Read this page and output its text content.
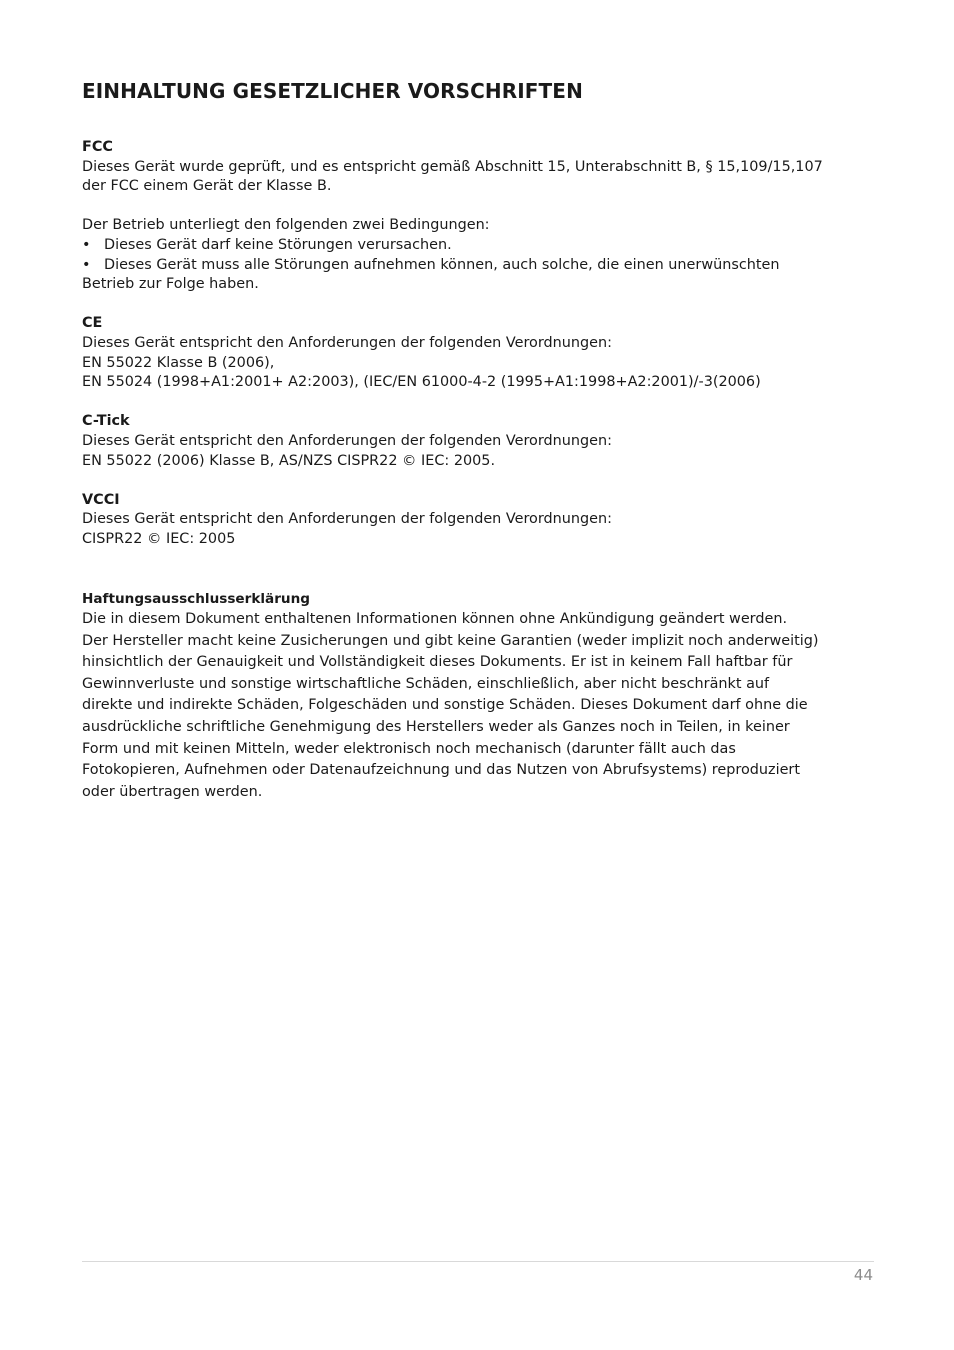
EINHALTUNG GESETZLICHER VORSCHRIFTEN
FCC
Dieses Gerät wurde geprüft, und es entspricht gemäß Abschnitt 15, Unterabschnitt B, § 15,109/15,107
der FCC einem Gerät der Klasse B.
Der Betrieb unterliegt den folgenden zwei Bedingungen:
• Dieses Gerät darf keine Störungen verursachen.
• Dieses Gerät muss alle Störungen aufnehmen können, auch solche, die einen unerwünschten
Betrieb zur Folge haben.
CE
Dieses Gerät entspricht den Anforderungen der folgenden Verordnungen:
EN 55022 Klasse B (2006),
EN 55024 (1998+A1:2001+ A2:2003), (IEC/EN 61000-4-2 (1995+A1:1998+A2:2001)/-3(2006)
C-Tick
Dieses Gerät entspricht den Anforderungen der folgenden Verordnungen:
EN 55022 (2006) Klasse B, AS/NZS CISPR22 © IEC: 2005.
VCCI
Dieses Gerät entspricht den Anforderungen der folgenden Verordnungen:
CISPR22 © IEC: 2005
Haftungsausschlusserklärung
Die in diesem Dokument enthaltenen Informationen können ohne Ankündigung geändert werden.
Der Hersteller macht keine Zusicherungen und gibt keine Garantien (weder implizit noch anderweitig)
hinsichtlich der Genauigkeit und Vollständigkeit dieses Dokuments. Er ist in keinem Fall haftbar für
Gewinnverluste und sonstige wirtschaftliche Schäden, einschließlich, aber nicht beschränkt auf
direkte und indirekte Schäden, Folgeschäden und sonstige Schäden. Dieses Dokument darf ohne die
ausdrückliche schriftliche Genehmigung des Herstellers weder als Ganzes noch in Teilen, in keiner
Form und mit keinen Mitteln, weder elektronisch noch mechanisch (darunter fällt auch das
Fotokopieren, Aufnehmen oder Datenaufzeichnung und das Nutzen von Abrufsystems) reproduziert
oder übertragen werden.
44
